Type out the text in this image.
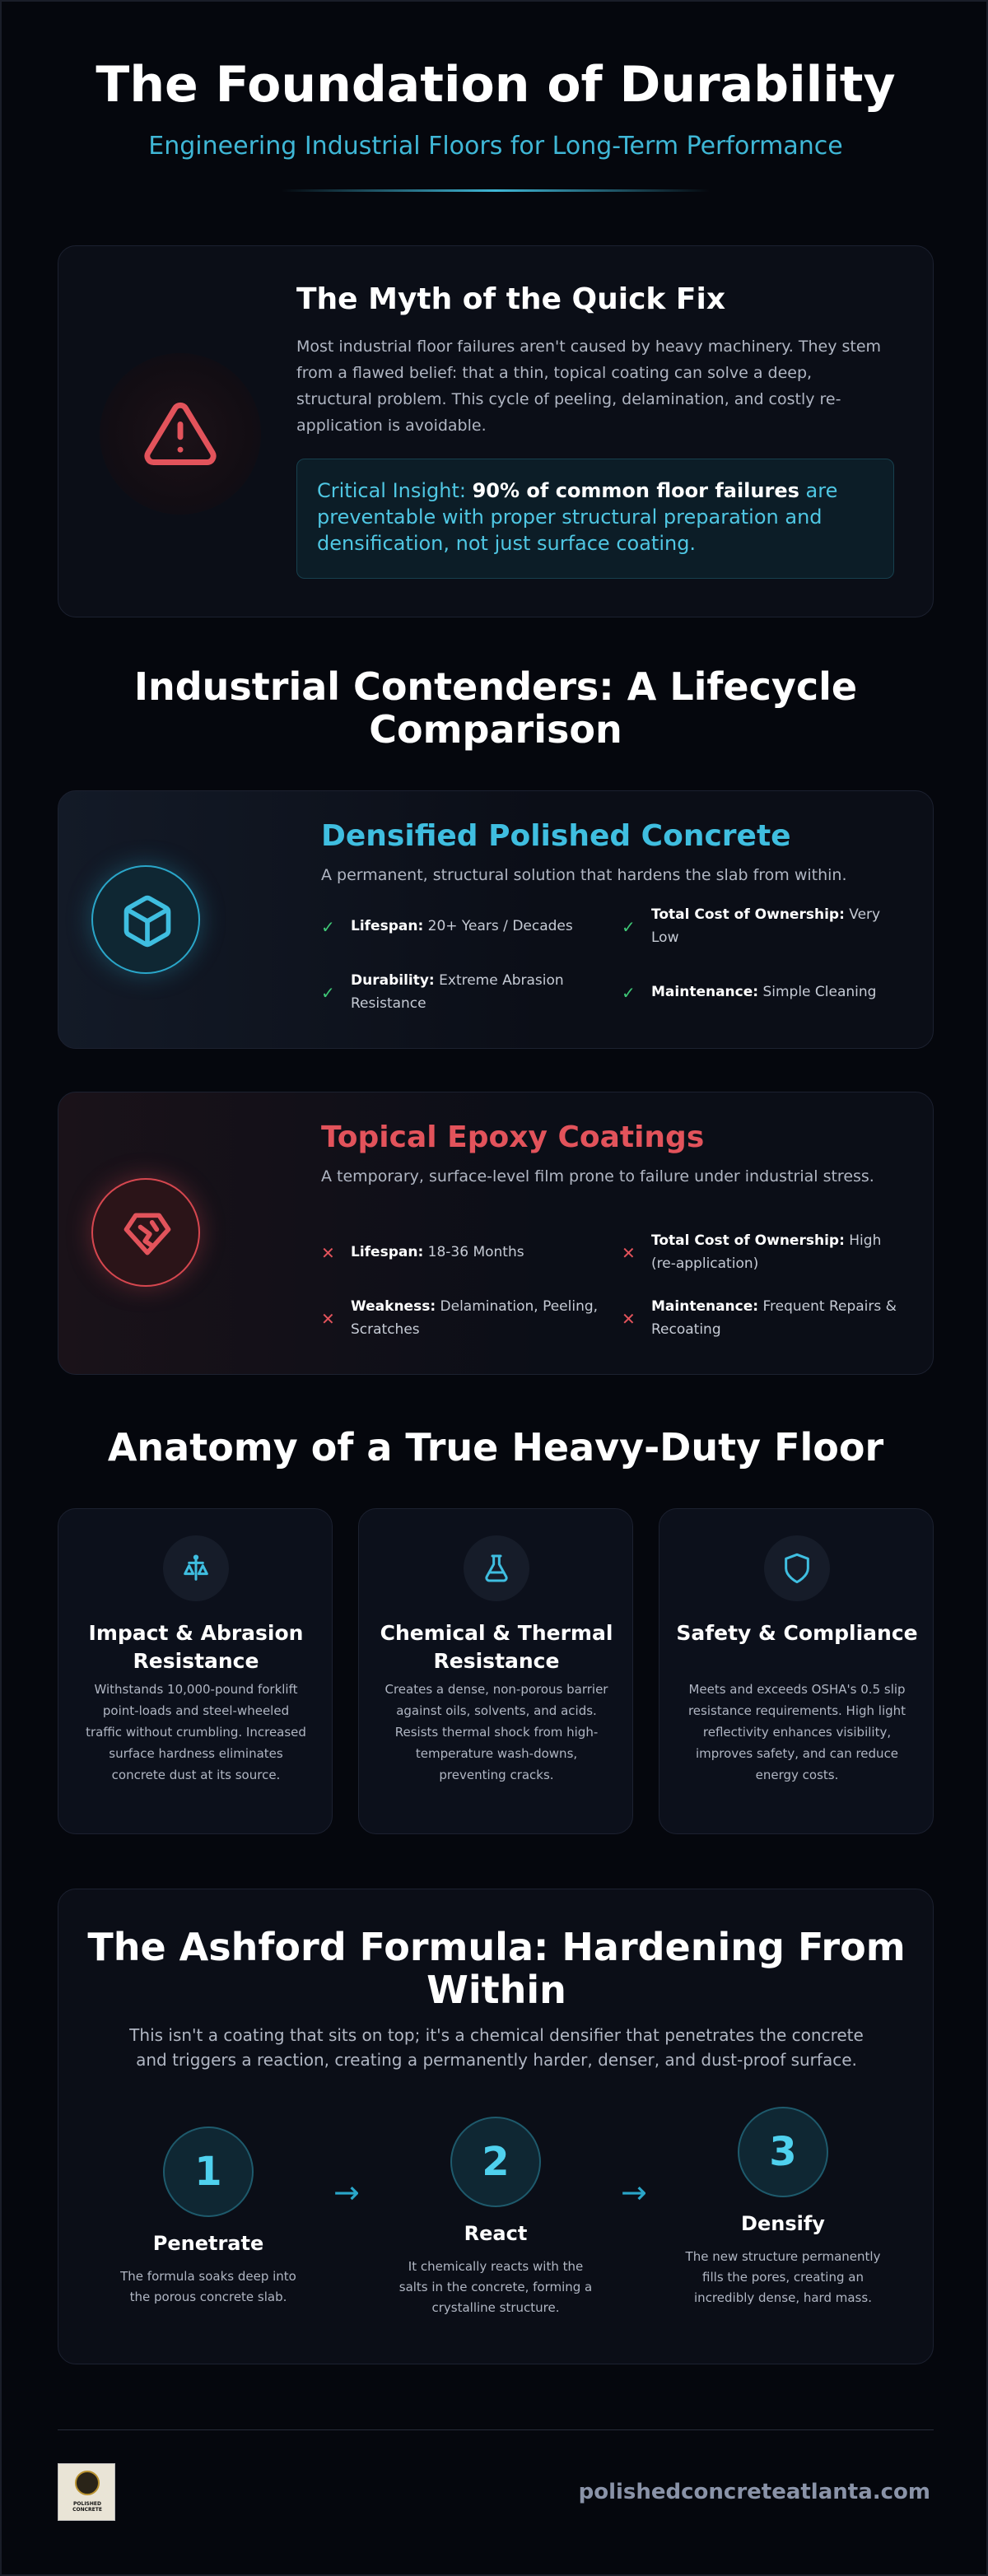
The Foundation of Durability
Engineering Industrial Floors for Long-Term Performance
The Myth of the Quick Fix
Most industrial floor failures aren't caused by heavy machinery. They stem from a flawed belief: that a thin, topical coating can solve a deep, structural problem. This cycle of peeling, delamination, and costly re-application is avoidable.
Critical Insight: 90% of common floor failures are preventable with proper structural preparation and densification, not just surface coating.
Industrial Contenders: A Lifecycle Comparison
Densified Polished Concrete
A permanent, structural solution that hardens the slab from within.
✓ Lifespan: 20+ Years / Decades	✓
Total Cost of Ownership: Very Low
✓
Durability: Extreme Abrasion Resistance
✓ Maintenance: Simple Cleaning
Topical Epoxy Coatings
A temporary, surface-level film prone to failure under industrial stress.
✕ Lifespan: 18-36 Months	✕
Total Cost of Ownership: High (re-application)
✕
Weakness: Delamination, Peeling, Scratches
✕
Maintenance: Frequent Repairs & Recoating
Anatomy of a True Heavy-Duty Floor
Impact & Abrasion Resistance
Withstands 10,000-pound forklift point-loads and steel-wheeled traffic without crumbling. Increased surface hardness eliminates concrete dust at its source.
Chemical & Thermal Resistance
Creates a dense, non-porous barrier against oils, solvents, and acids. Resists thermal shock from high-temperature wash-downs, preventing cracks.
Safety & Compliance
Meets and exceeds OSHA's 0.5 slip resistance requirements. High light reflectivity enhances visibility, improves safety, and can reduce energy costs.
The Ashford Formula: Hardening From Within
This isn't a coating that sits on top; it's a chemical densifier that penetrates the concrete and triggers a reaction, creating a permanently harder, denser, and dust-proof surface.
1
Penetrate
The formula soaks deep into the porous concrete slab.
→
2
React
It chemically reacts with the salts in the concrete, forming a crystalline structure.
→
3
Densify
The new structure permanently fills the pores, creating an incredibly dense, hard mass.
POLISHED CONCRETE
polishedconcreteatlanta.com
